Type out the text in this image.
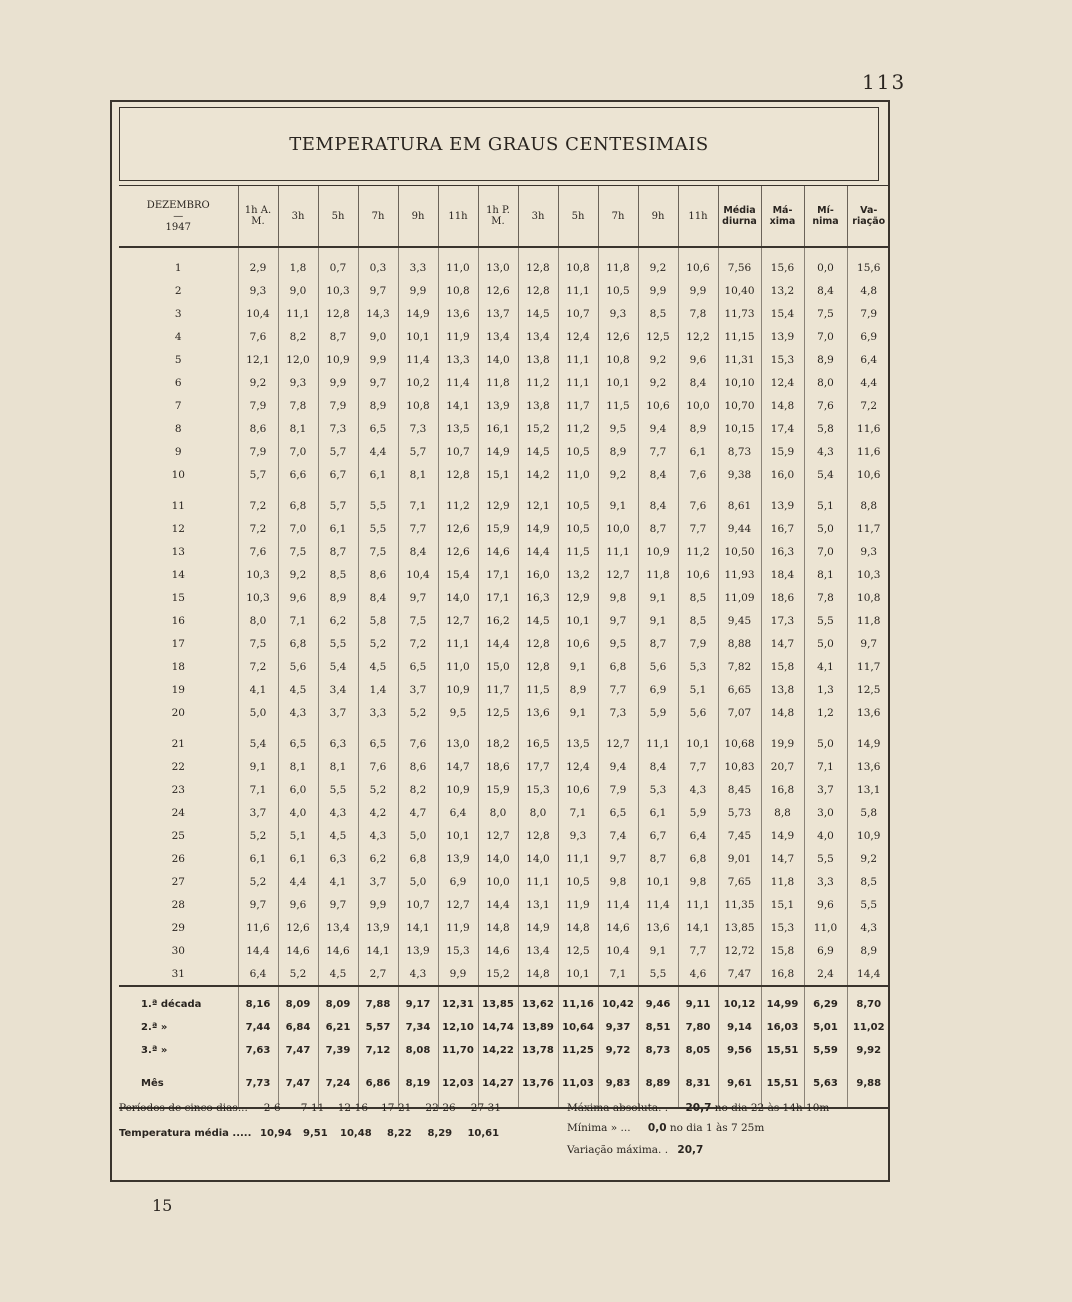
113
TEMPERATURA EM GRAUS CENTESIMAIS
DEZEMBRO
—
1947	1h A. M.	3h	5h	7h	9h	11h	1h P. M.	3h	5h	7h	9h	11h	Média diurna	Má- xima	Mí- nima	Va- riação
1	2,9	1,8	0,7	0,3	3,3	11,0	13,0	12,8	10,8	11,8	9,2	10,6	7,56	15,6	0,0	15,6
2	9,3	9,0	10,3	9,7	9,9	10,8	12,6	12,8	11,1	10,5	9,9	9,9	10,40	13,2	8,4	4,8
3	10,4	11,1	12,8	14,3	14,9	13,6	13,7	14,5	10,7	9,3	8,5	7,8	11,73	15,4	7,5	7,9
4	7,6	8,2	8,7	9,0	10,1	11,9	13,4	13,4	12,4	12,6	12,5	12,2	11,15	13,9	7,0	6,9
5	12,1	12,0	10,9	9,9	11,4	13,3	14,0	13,8	11,1	10,8	9,2	9,6	11,31	15,3	8,9	6,4
6	9,2	9,3	9,9	9,7	10,2	11,4	11,8	11,2	11,1	10,1	9,2	8,4	10,10	12,4	8,0	4,4
7	7,9	7,8	7,9	8,9	10,8	14,1	13,9	13,8	11,7	11,5	10,6	10,0	10,70	14,8	7,6	7,2
8	8,6	8,1	7,3	6,5	7,3	13,5	16,1	15,2	11,2	9,5	9,4	8,9	10,15	17,4	5,8	11,6
9	7,9	7,0	5,7	4,4	5,7	10,7	14,9	14,5	10,5	8,9	7,7	6,1	8,73	15,9	4,3	11,6
10	5,7	6,6	6,7	6,1	8,1	12,8	15,1	14,2	11,0	9,2	8,4	7,6	9,38	16,0	5,4	10,6

11	7,2	6,8	5,7	5,5	7,1	11,2	12,9	12,1	10,5	9,1	8,4	7,6	8,61	13,9	5,1	8,8
12	7,2	7,0	6,1	5,5	7,7	12,6	15,9	14,9	10,5	10,0	8,7	7,7	9,44	16,7	5,0	11,7
13	7,6	7,5	8,7	7,5	8,4	12,6	14,6	14,4	11,5	11,1	10,9	11,2	10,50	16,3	7,0	9,3
14	10,3	9,2	8,5	8,6	10,4	15,4	17,1	16,0	13,2	12,7	11,8	10,6	11,93	18,4	8,1	10,3
15	10,3	9,6	8,9	8,4	9,7	14,0	17,1	16,3	12,9	9,8	9,1	8,5	11,09	18,6	7,8	10,8
16	8,0	7,1	6,2	5,8	7,5	12,7	16,2	14,5	10,1	9,7	9,1	8,5	9,45	17,3	5,5	11,8
17	7,5	6,8	5,5	5,2	7,2	11,1	14,4	12,8	10,6	9,5	8,7	7,9	8,88	14,7	5,0	9,7
18	7,2	5,6	5,4	4,5	6,5	11,0	15,0	12,8	9,1	6,8	5,6	5,3	7,82	15,8	4,1	11,7
19	4,1	4,5	3,4	1,4	3,7	10,9	11,7	11,5	8,9	7,7	6,9	5,1	6,65	13,8	1,3	12,5
20	5,0	4,3	3,7	3,3	5,2	9,5	12,5	13,6	9,1	7,3	5,9	5,6	7,07	14,8	1,2	13,6

21	5,4	6,5	6,3	6,5	7,6	13,0	18,2	16,5	13,5	12,7	11,1	10,1	10,68	19,9	5,0	14,9
22	9,1	8,1	8,1	7,6	8,6	14,7	18,6	17,7	12,4	9,4	8,4	7,7	10,83	20,7	7,1	13,6
23	7,1	6,0	5,5	5,2	8,2	10,9	15,9	15,3	10,6	7,9	5,3	4,3	8,45	16,8	3,7	13,1
24	3,7	4,0	4,3	4,2	4,7	6,4	8,0	8,0	7,1	6,5	6,1	5,9	5,73	8,8	3,0	5,8
25	5,2	5,1	4,5	4,3	5,0	10,1	12,7	12,8	9,3	7,4	6,7	6,4	7,45	14,9	4,0	10,9
26	6,1	6,1	6,3	6,2	6,8	13,9	14,0	14,0	11,1	9,7	8,7	6,8	9,01	14,7	5,5	9,2
27	5,2	4,4	4,1	3,7	5,0	6,9	10,0	11,1	10,5	9,8	10,1	9,8	7,65	11,8	3,3	8,5
28	9,7	9,6	9,7	9,9	10,7	12,7	14,4	13,1	11,9	11,4	11,4	11,1	11,35	15,1	9,6	5,5
29	11,6	12,6	13,4	13,9	14,1	11,9	14,8	14,9	14,8	14,6	13,6	14,1	13,85	15,3	11,0	4,3
30	14,4	14,6	14,6	14,1	13,9	15,3	14,6	13,4	12,5	10,4	9,1	7,7	12,72	15,8	6,9	8,9
31	6,4	5,2	4,5	2,7	4,3	9,9	15,2	14,8	10,1	7,1	5,5	4,6	7,47	16,8	2,4	14,4
1.ª década	8,16	8,09	8,09	7,88	9,17	12,31	13,85	13,62	11,16	10,42	9,46	9,11	10,12	14,99	6,29	8,70
2.ª »	7,44	6,84	6,21	5,57	7,34	12,10	14,74	13,89	10,64	9,37	8,51	7,80	9,14	16,03	5,01	11,02
3.ª »	7,63	7,47	7,39	7,12	8,08	11,70	14,22	13,78	11,25	9,72	8,73	8,05	9,56	15,51	5,59	9,92
Mês	7,73	7,47	7,24	6,86	8,19	12,03	14,27	13,76	11,03	9,83	8,89	8,31	9,61	15,51	5,63	9,88
Períodos de cinco dias... 2-6 7-11 12-16 17-21 22-26 27-31
Temperatura média ..... 10,94 9,51 10,48 8,22 8,29 10,61
Máxima absoluta. . 20,7 no dia 22 às 14h 10m
Mínima » ... 0,0 no dia 1 às 7 25m
Variação máxima. . 20,7
15
